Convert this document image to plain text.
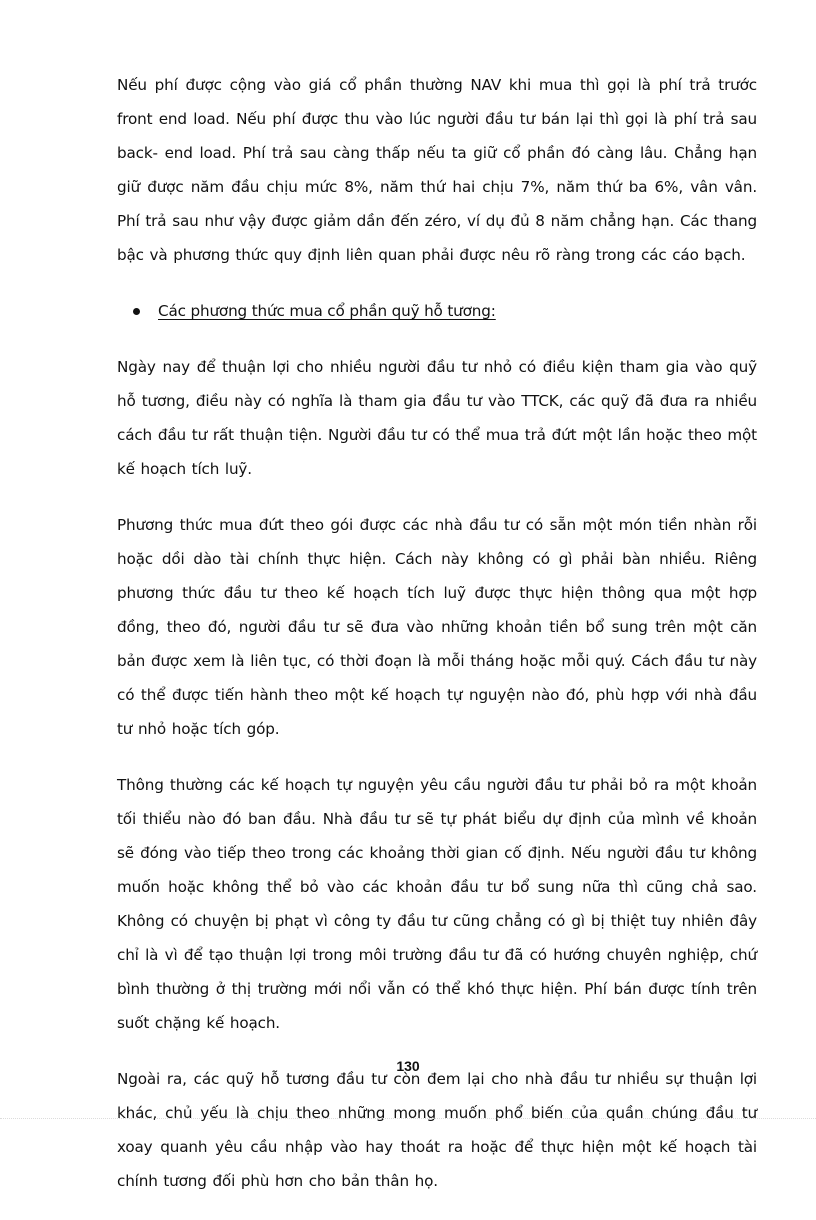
Nếu phí được cộng vào giá cổ phần thường NAV khi mua thì gọi là phí trả trước front end load. Nếu phí được thu vào lúc người đầu tư bán lại thì gọi là phí trả sau back- end load. Phí trả sau càng thấp nếu ta giữ cổ phần đó càng lâu. Chẳng hạn giữ được năm đầu chịu mức 8%, năm thứ hai chịu 7%, năm thứ ba 6%, vân vân. Phí trả sau như vậy được giảm dần đến zéro, ví dụ đủ 8 năm chẳng hạn. Các thang bậc và phương thức quy định liên quan phải được nêu rõ ràng trong các cáo bạch.

Các phương thức mua cổ phần quỹ hỗ tương:

Ngày nay để thuận lợi cho nhiều người đầu tư nhỏ có điều kiện tham gia vào quỹ hỗ tương, điều này có nghĩa là tham gia đầu tư vào TTCK, các quỹ đã đưa ra nhiều cách đầu tư rất thuận tiện. Người đầu tư có thể mua trả đứt một lần hoặc theo một kế hoạch tích luỹ.

Phương thức mua đứt theo gói được các nhà đầu tư có sẵn một món tiền nhàn rỗi hoặc dồi dào tài chính thực hiện. Cách này không có gì phải bàn nhiều. Riêng phương thức đầu tư theo kế hoạch tích luỹ được thực hiện thông qua một hợp đồng, theo đó, người đầu tư sẽ đưa vào những khoản tiền bổ sung trên một căn bản được xem là liên tục, có thời đoạn là mỗi tháng hoặc mỗi quý. Cách đầu tư này có thể được tiến hành theo một kế hoạch tự nguyện nào đó, phù hợp với nhà đầu tư nhỏ hoặc tích góp.

Thông thường các kế hoạch tự nguyện yêu cầu người đầu tư phải bỏ ra một khoản tối thiểu nào đó ban đầu. Nhà đầu tư sẽ tự phát biểu dự định của mình về khoản sẽ đóng vào tiếp theo trong các khoảng thời gian cố định. Nếu người đầu tư không muốn hoặc không thể bỏ vào các khoản đầu tư bổ sung nữa thì cũng chả sao. Không có chuyện bị phạt vì công ty đầu tư cũng chẳng có gì bị thiệt tuy nhiên đây chỉ là vì để tạo thuận lợi trong môi trường đầu tư đã có hướng chuyên nghiệp, chứ bình thường ở thị trường mới nổi vẫn có thể khó thực hiện. Phí bán được tính trên suốt chặng kế hoạch.

Ngoài ra, các quỹ hỗ tương đầu tư còn đem lại cho nhà đầu tư nhiều sự thuận lợi khác, chủ yếu là chịu theo những mong muốn phổ biến của quần chúng đầu tư xoay quanh yêu cầu nhập vào hay thoát ra hoặc để thực hiện một kế hoạch tài chính tương đối phù hơn cho bản thân họ.

130
